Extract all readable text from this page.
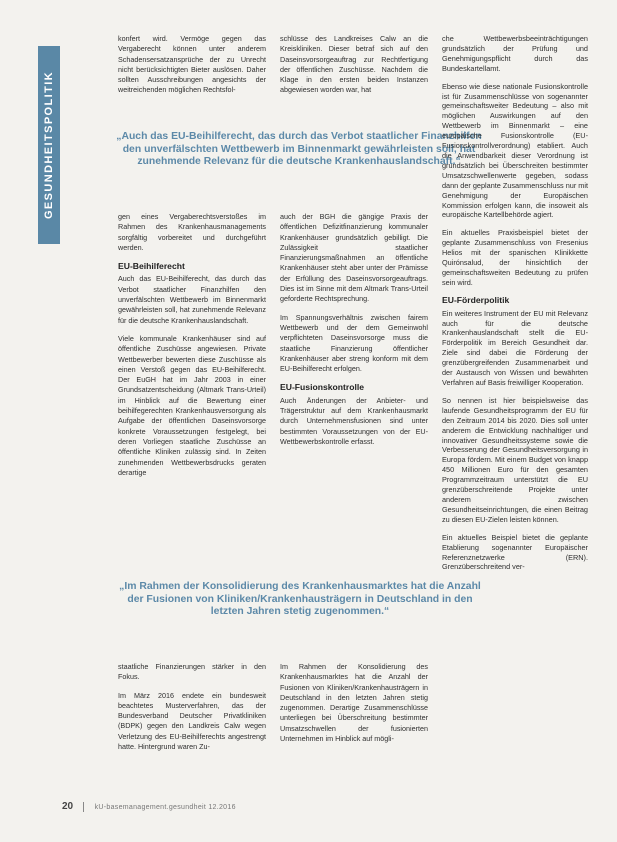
GESUNDHEITSPOLITIK

konfert wird. Vermöge gegen das Vergaberecht können unter anderem Schadensersatzansprüche der zu Unrecht nicht berücksichtigten Bieter auslösen. Daher sollten Ausschreibungen angesichts der weitreichenden möglichen Rechtsfol-

schlüsse des Landkreises Calw an die Kreiskliniken. Dieser betraf sich auf den Daseinsvorsorgeauftrag zur Rechtfertigung der öffentlichen Zuschüsse. Nachdem die Klage in den ersten beiden Instanzen abgewiesen worden war, hat

„Auch das EU-Beihilferecht, das durch das Verbot staatlicher Finanzhilfen den unverfälschten Wettbewerb im Binnenmarkt gewährleisten soll, hat zunehmende Relevanz für die deutsche Krankenhauslandschaft.“

gen eines Vergaberechtsverstoßes im Rahmen des Krankenhausmanagements sorgfältig vorbereitet und durchgeführt werden.

EU-Beihilferecht

Auch das EU-Beihilferecht, das durch das Verbot staatlicher Finanzhilfen den unverfälschten Wettbewerb im Binnenmarkt gewährleisten soll, hat zunehmende Relevanz für die deutsche Krankenhauslandschaft.

Viele kommunale Krankenhäuser sind auf öffentliche Zuschüsse angewiesen. Private Wettbewerber bewerten diese Zuschüsse als einen Verstoß gegen das EU-Beihilferecht. Der EuGH hat im Jahr 2003 in einer Grundsatzentscheidung (Altmark Trans-Urteil) im Hinblick auf die Bewertung einer beihilfegerechten Krankenhausversorgung als Aufgabe der öffentlichen Daseinsvorsorge konkrete Voraussetzungen festgelegt, bei deren Vorliegen staatliche Zuschüsse an öffentliche Kliniken zulässig sind. In Zeiten zunehmenden Wettbewerbsdrucks geraten derartige

auch der BGH die gängige Praxis der öffentlichen Defizitfinanzierung kommunaler Krankenhäuser grundsätzlich gebilligt. Die Zulässigkeit staatlicher Finanzierungsmaßnahmen an öffentliche Krankenhäuser steht aber unter der Prämisse der Erfüllung des Daseinsvorsorgeauftrags. Dies ist im Sinne mit dem Altmark Trans-Urteil geforderte Rechtsprechung.

Im Spannungsverhältnis zwischen fairem Wettbewerb und der dem Gemeinwohl verpflichteten Daseinsvorsorge muss die staatliche Finanzierung öffentlicher Krankenhäuser aber streng konform mit dem EU-Beihilferecht erfolgen.

EU-Fusionskontrolle

Auch Änderungen der Anbieter- und Trägerstruktur auf dem Krankenhausmarkt durch Unternehmensfusionen sind unter bestimmten Voraussetzungen von der EU-Wettbewerbskontrolle erfasst.

„Im Rahmen der Konsolidierung des Krankenhausmarktes hat die Anzahl der Fusionen von Kliniken/Krankenhausträgern in Deutschland in den letzten Jahren stetig zugenommen.“

staatliche Finanzierungen stärker in den Fokus.

Im März 2016 endete ein bundesweit beachtetes Musterverfahren, das der Bundesverband Deutscher Privatkliniken (BDPK) gegen den Landkreis Calw wegen Verletzung des EU-Beihilferechts angestrengt hatte. Hintergrund waren Zu-

Im Rahmen der Konsolidierung des Krankenhausmarktes hat die Anzahl der Fusionen von Kliniken/Krankenhausträgern in Deutschland in den letzten Jahren stetig zugenommen. Derartige Zusammenschlüsse unterliegen bei Überschreitung bestimmter Umsatzschwellen der fusionierten Unternehmen im Hinblick auf mögli-

che Wettbewerbsbeeinträchtigungen grundsätzlich der Prüfung und Genehmigungspflicht durch das Bundeskartellamt.

Ebenso wie diese nationale Fusionskontrolle ist für Zusammenschlüsse von sogenannter gemeinschaftsweiter Bedeutung – also mit möglichen Auswirkungen auf den Wettbewerb im Binnenmarkt – eine europäische Fusionskontrolle (EU-Fusionskontrollverordnung) etabliert. Auch die Anwendbarkeit dieser Verordnung ist grundsätzlich bei Überschreiten bestimmter Umsatzschwellenwerte gegeben, sodass dann der geplante Zusammenschluss nur mit Genehmigung der Europäischen Kommission erfolgen kann, die insoweit als europäische Kartellbehörde agiert.

Ein aktuelles Praxisbeispiel bietet der geplante Zusammenschluss von Fresenius Helios mit der spanischen Klinikkette Quirónsalud, der hinsichtlich der gemeinschaftsweiten Bedeutung zu prüfen sein wird.

EU-Förderpolitik

Ein weiteres Instrument der EU mit Relevanz auch für die deutsche Krankenhauslandschaft stellt die EU-Förderpolitik im Bereich Gesundheit dar. Ziele sind dabei die Förderung der grenzübergreifenden Zusammenarbeit und der Austausch von Wissen und bewährten Verfahren auf Basis freiwilliger Kooperation.

So nennen ist hier beispielsweise das laufende Gesundheitsprogramm der EU für den Zeitraum 2014 bis 2020. Dies soll unter anderem die Entwicklung nachhaltiger und innovativer Gesundheitssysteme sowie die Verbesserung der Gesundheitsversorgung in Europa fördern. Mit einem Budget von knapp 450 Millionen Euro für den gesamten Programmzeitraum unterstützt die EU grenzüberschreitende Projekte unter anderem zwischen Gesundheitseinrichtungen, die einen Beitrag zu diesen EU-Zielen leisten können.

Ein aktuelles Beispiel bietet die geplante Etablierung sogenannter Europäischer Referenznetzwerke (ERN). Grenzüberschreitend ver-

20	kU-basemanagement.gesundheit 12.2016
